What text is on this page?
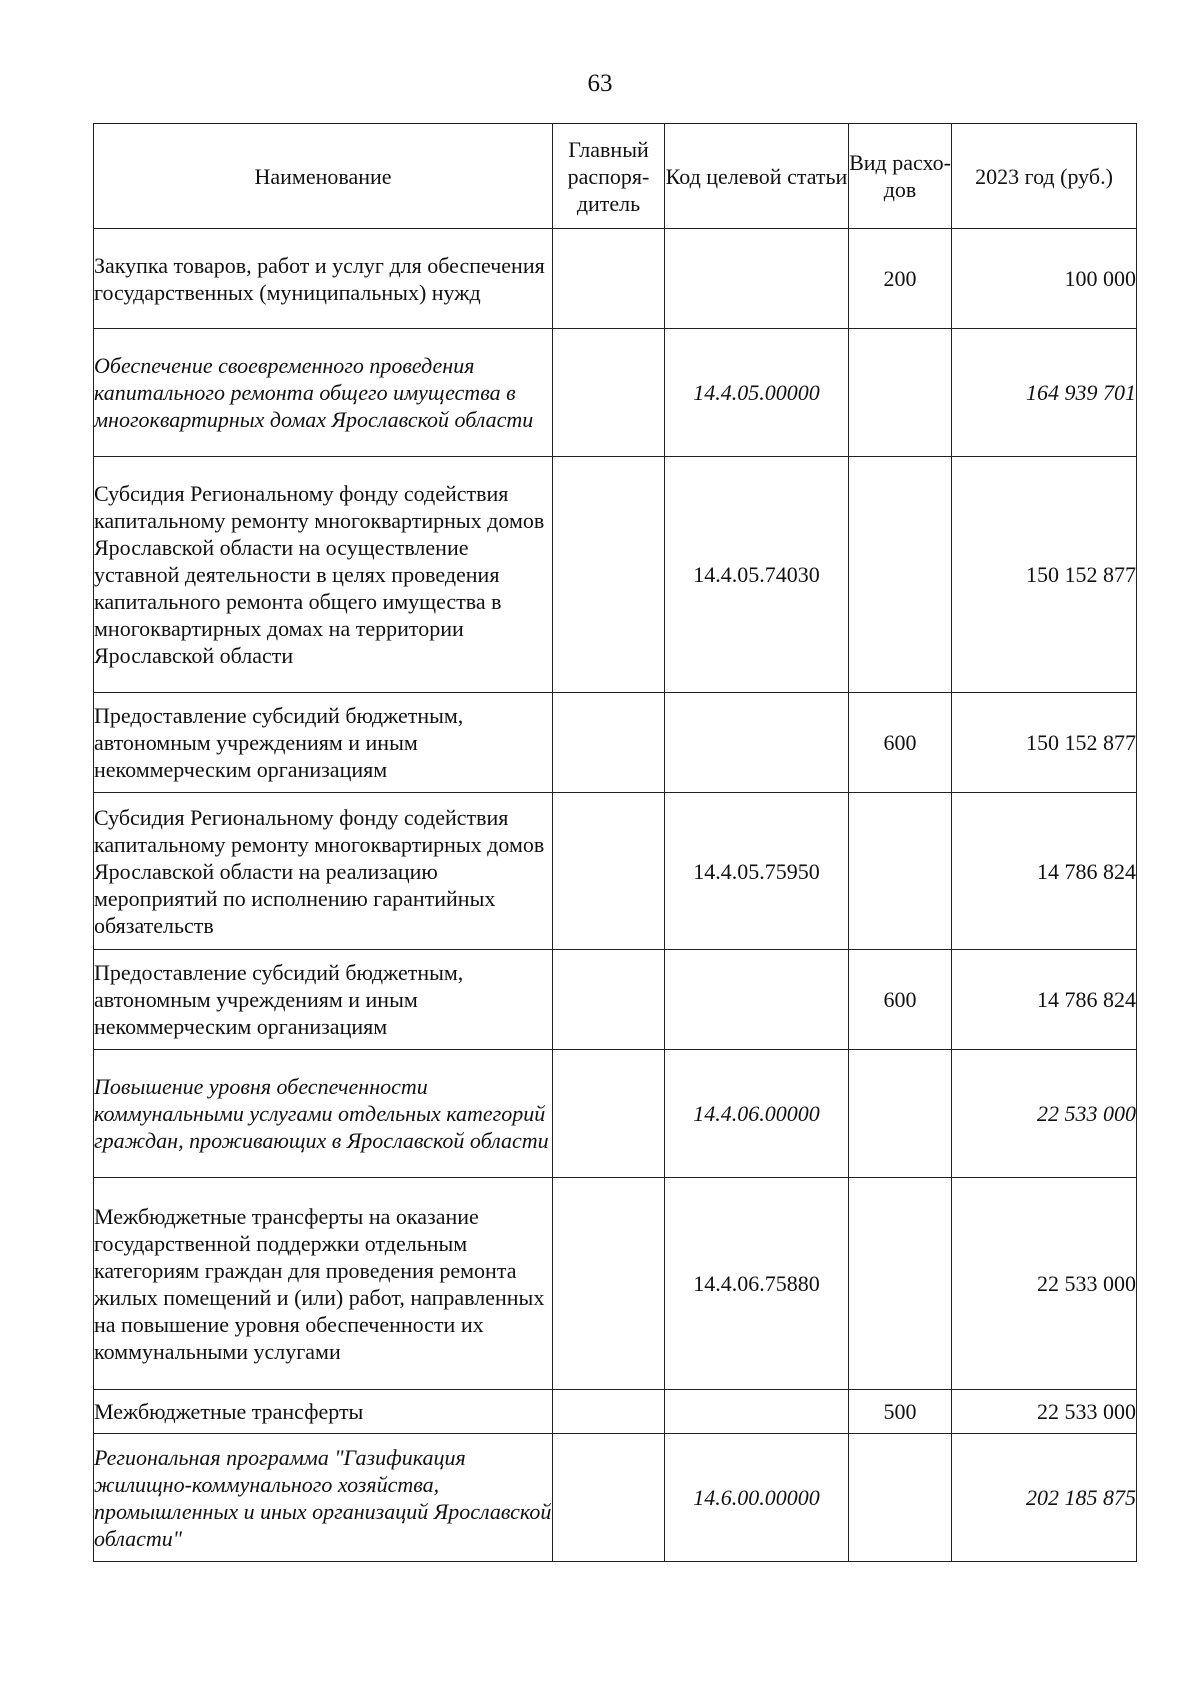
63
Наименование	Главный распоря-дитель	Код целевой статьи	Вид расхо-дов	2023 год (руб.)
Закупка товаров, работ и услуг для обеспечения государственных (муниципальных) нужд			200	100 000
Обеспечение своевременного проведения капитального ремонта общего имущества в многоквартирных домах Ярославской области		14.4.05.00000		164 939 701
Субсидия Региональному фонду содействия капитальному ремонту многоквартирных домов Ярославской области на осуществление уставной деятельности в целях проведения капитального ремонта общего имущества в многоквартирных домах на территории Ярославской области		14.4.05.74030		150 152 877
Предоставление субсидий бюджетным, автономным учреждениям и иным некоммерческим организациям			600	150 152 877
Субсидия Региональному фонду содействия капитальному ремонту многоквартирных домов Ярославской области на реализацию мероприятий по исполнению гарантийных обязательств		14.4.05.75950		14 786 824
Предоставление субсидий бюджетным, автономным учреждениям и иным некоммерческим организациям			600	14 786 824
Повышение уровня обеспеченности коммунальными услугами отдельных категорий граждан, проживающих в Ярославской области		14.4.06.00000		22 533 000
Межбюджетные трансферты на оказание государственной поддержки отдельным категориям граждан для проведения ремонта жилых помещений и (или) работ, направленных на повышение уровня обеспеченности их коммунальными услугами		14.4.06.75880		22 533 000
Межбюджетные трансферты			500	22 533 000
Региональная программа "Газификация жилищно-коммунального хозяйства, промышленных и иных организаций Ярославской области"		14.6.00.00000		202 185 875
